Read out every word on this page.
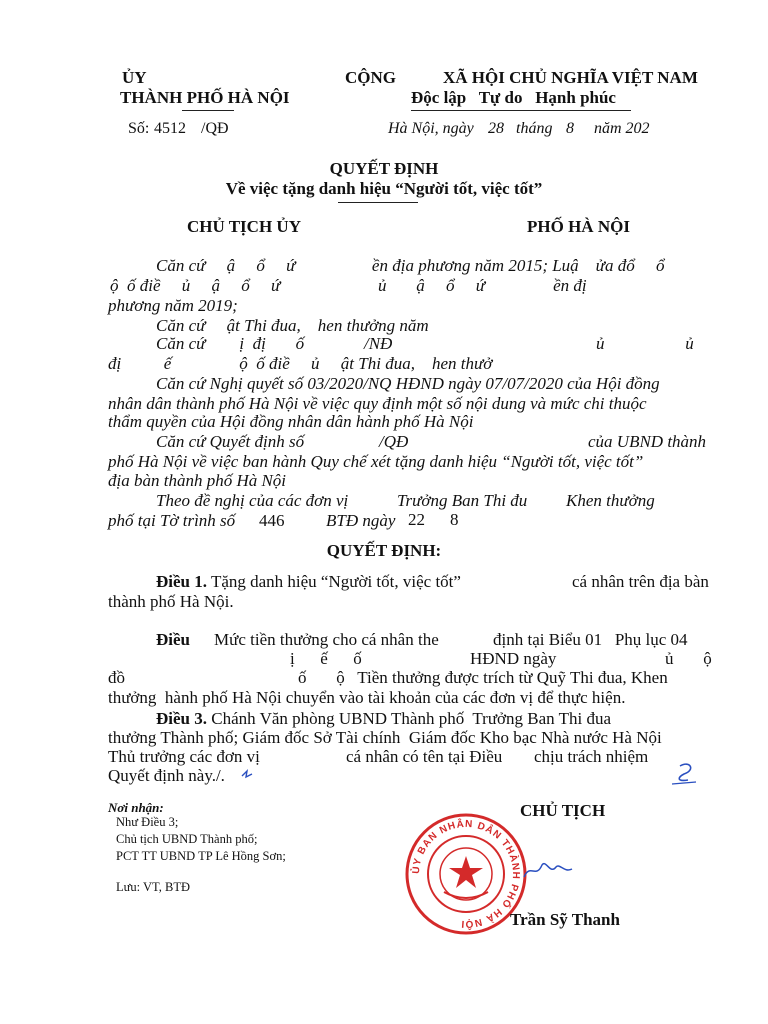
ỦY
THÀNH PHỐ HÀ NỘI
CỘNG	XÃ HỘI CHỦ NGHĨA VIỆT NAM
Độc lập   Tự do   Hạnh phúc
Số: 4512 /QĐ	Hà Nội, ngày 28 tháng 8 năm 202
QUYẾT ĐỊNH
Về việc tặng danh hiệu “Người tốt, việc tốt”
CHỦ TỊCH ỦY	PHỐ HÀ NỘI
Căn cứ     ậ     ổ     ứ                  ền địa phương năm 2015; Luậ    ửa đổ     ổ
ộ  ố điề     ủ     ậ     ổ     ứ                       ủ       ậ     ổ     ứ                ền đị
phương năm 2019;
Căn cứ     ật Thi đua,    hen thưởng năm
Căn cứ        ị  đị       ố	/NĐ	ủ                   ủ
đị          ế                ộ  ố điề     ủ     ật Thi đua,    hen thưở
Căn cứ Nghị quyết số 03/2020/NQ HĐND ngày 07/07/2020 của Hội đồng
nhân dân thành phố Hà Nội về việc quy định một số nội dung và mức chi thuộc
thẩm quyền của Hội đồng nhân dân hành phố Hà Nội
Căn cứ Quyết định số	/QĐ	của UBND thành
phố Hà Nội về việc ban hành Quy chế xét tặng danh hiệu “Người tốt, việc tốt”
địa bàn thành phố Hà Nội
Theo đề nghị của các đơn vị	Trưởng Ban Thi đu Khen thưởng
phố tại Tờ trình số 446 BTĐ ngày 22 8
QUYẾT ĐỊNH:
Điều 1. Tặng danh hiệu “Người tốt, việc tốt”	cá nhân trên địa bàn
thành phố Hà Nội.
Điều Mức tiền thưởng cho cá nhân the	định tại Biểu 01   Phụ lục 04
ị      ế      ố	HĐND ngày	ủ       ộ
đồ	ố       ộ   Tiền thưởng được trích từ Quỹ Thi đua, Khen
thưởng  hành phố Hà Nội chuyển vào tài khoản của các đơn vị để thực hiện.
Điều 3. Chánh Văn phòng UBND Thành phố  Trưởng Ban Thi đua
thưởng Thành phố; Giám đốc Sở Tài chính  Giám đốc Kho bạc Nhà nước Hà Nội
Thủ trưởng các đơn vị	cá nhân có tên tại Điều chịu trách nhiệm
Quyết định này./.
Nơi nhận:
Như Điều 3;
Chủ tịch UBND Thành phố;
PCT TT UBND TP Lê Hồng Sơn;
Lưu: VT, BTĐ
CHỦ TỊCH
ỦY BAN NHÂN DÂN THÀNH PHỐ HÀ NỘI	Trần Sỹ Thanh
